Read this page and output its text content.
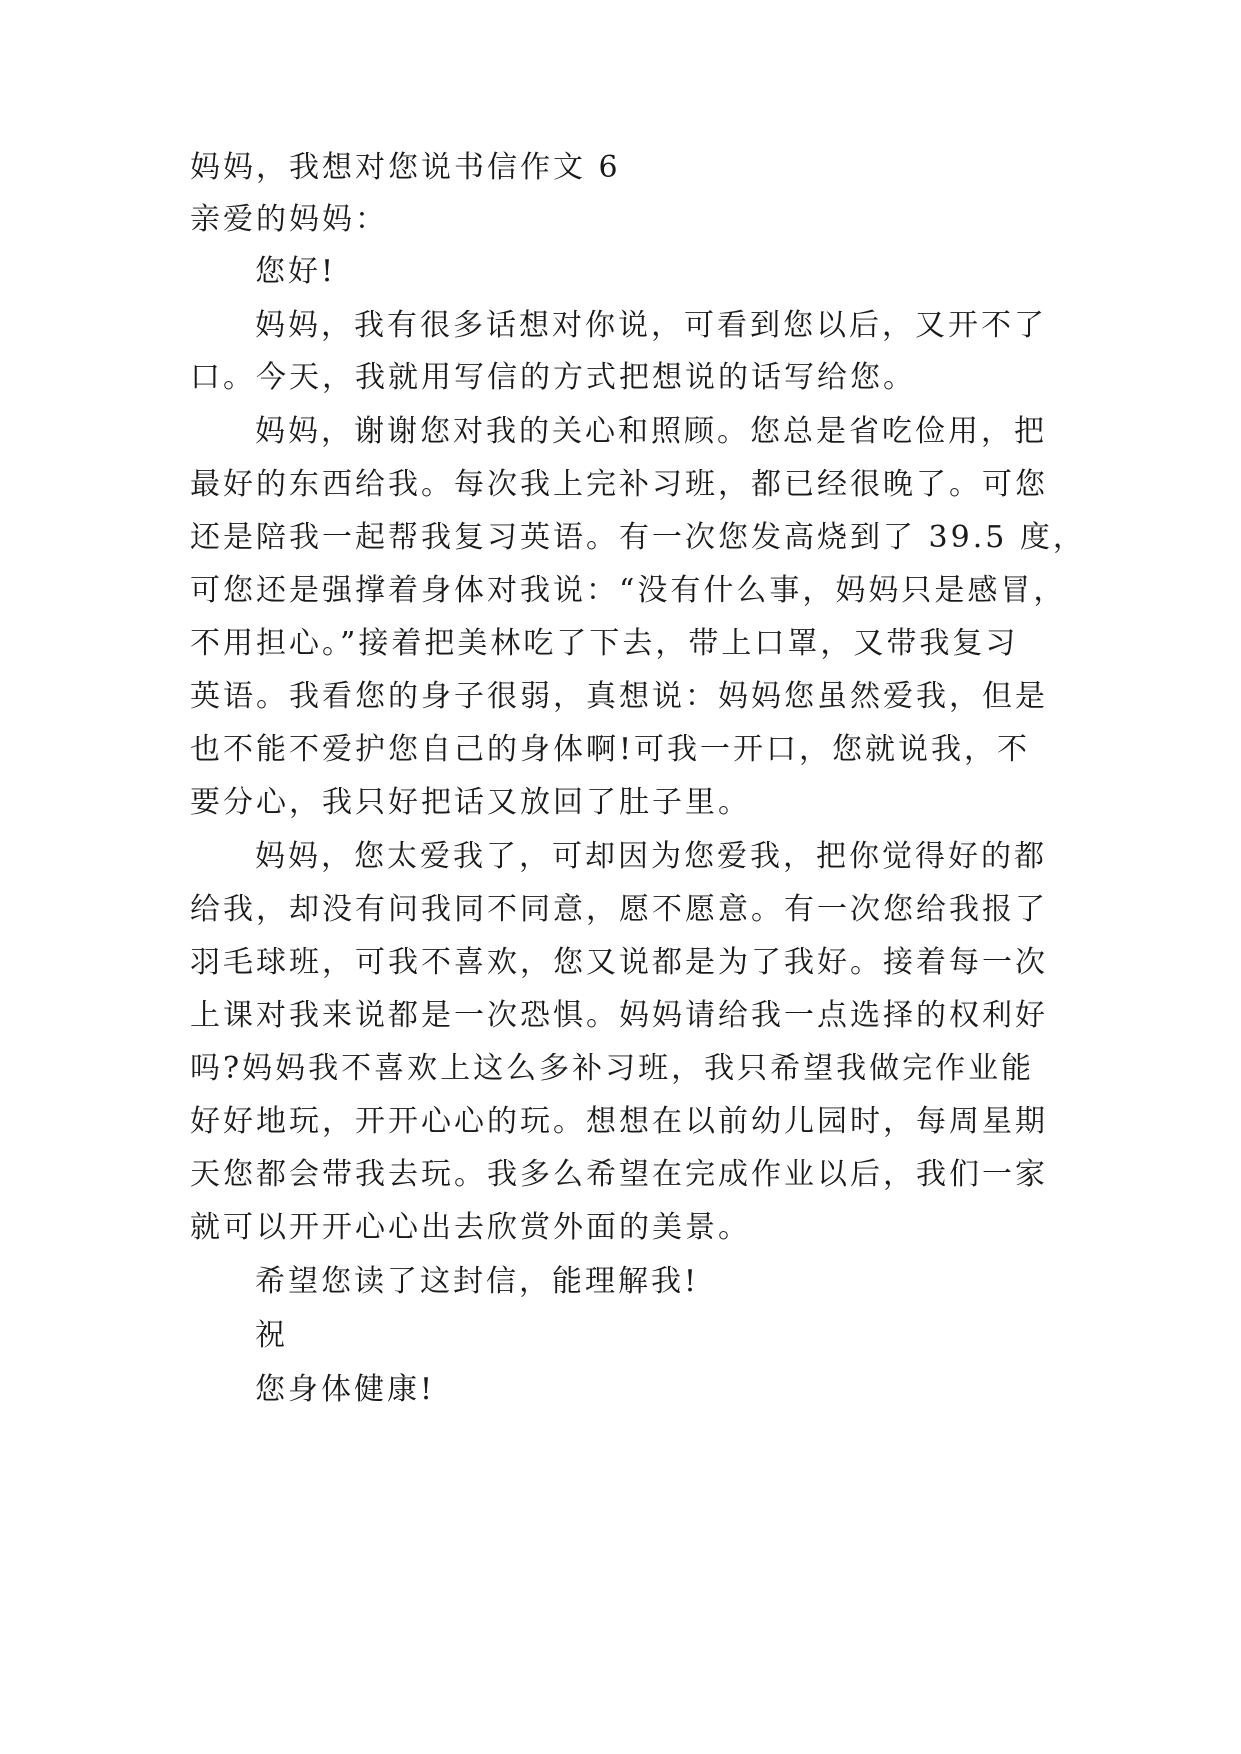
妈妈，我想对您说书信作文 6
亲爱的妈妈：
您好!
妈妈，我有很多话想对你说，可看到您以后，又开不了
口。今天，我就用写信的方式把想说的话写给您。
妈妈，谢谢您对我的关心和照顾。您总是省吃俭用，把
最好的东西给我。每次我上完补习班，都已经很晚了。可您
还是陪我一起帮我复习英语。有一次您发高烧到了 39.5 度，
可您还是强撑着身体对我说：“没有什么事，妈妈只是感冒，
不用担心。”接着把美林吃了下去，带上口罩，又带我复习
英语。我看您的身子很弱，真想说：妈妈您虽然爱我，但是
也不能不爱护您自己的身体啊!可我一开口，您就说我，不
要分心，我只好把话又放回了肚子里。
妈妈，您太爱我了，可却因为您爱我，把你觉得好的都
给我，却没有问我同不同意，愿不愿意。有一次您给我报了
羽毛球班，可我不喜欢，您又说都是为了我好。接着每一次
上课对我来说都是一次恐惧。妈妈请给我一点选择的权利好
吗?妈妈我不喜欢上这么多补习班，我只希望我做完作业能
好好地玩，开开心心的玩。想想在以前幼儿园时，每周星期
天您都会带我去玩。我多么希望在完成作业以后，我们一家
就可以开开心心出去欣赏外面的美景。
希望您读了这封信，能理解我!
祝
您身体健康!
